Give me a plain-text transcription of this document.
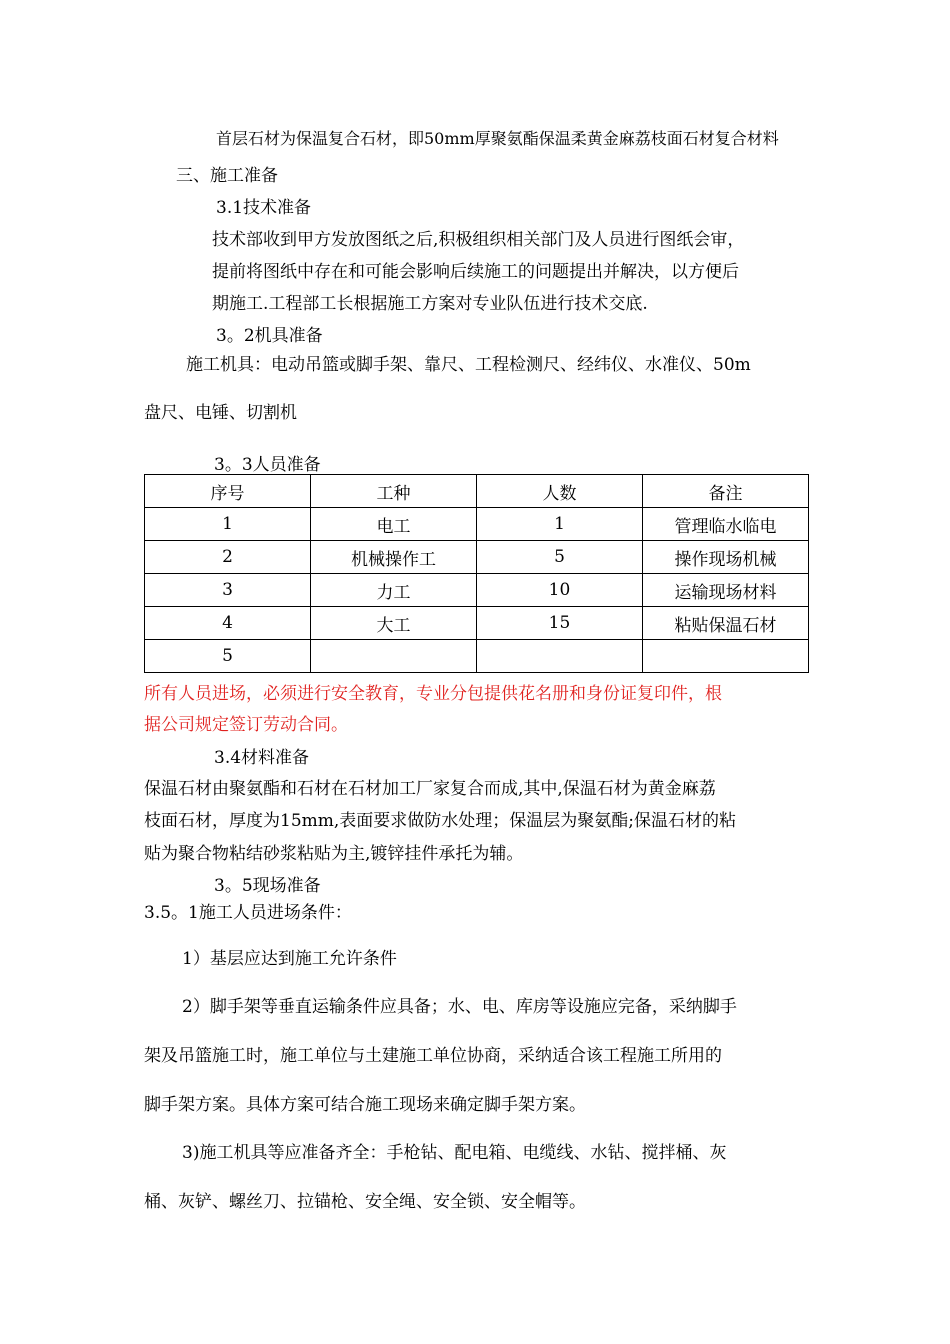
首层石材为保温复合石材，即50mm厚聚氨酯保温柔黄金麻荔枝面石材复合材料
三、施工准备
3.1技术准备
技术部收到甲方发放图纸之后,积极组织相关部门及人员进行图纸会审，
提前将图纸中存在和可能会影响后续施工的问题提出并解决，以方便后
期施工.工程部工长根据施工方案对专业队伍进行技术交底.
3。2机具准备
施工机具：电动吊篮或脚手架、靠尺、工程检测尺、经纬仪、水准仪、50m
盘尺、电锤、切割机
3。3人员准备
序号	工种	人数	备注
1	电工	1	管理临水临电
2	机械操作工	5	操作现场机械
3	力工	10	运输现场材料
4	大工	15	粘贴保温石材
5			
所有人员进场，必须进行安全教育，专业分包提供花名册和身份证复印件，根
据公司规定签订劳动合同。
3.4材料准备
保温石材由聚氨酯和石材在石材加工厂家复合而成,其中,保温石材为黄金麻荔
枝面石材，厚度为15mm,表面要求做防水处理；保温层为聚氨酯;保温石材的粘
贴为聚合物粘结砂浆粘贴为主,镀锌挂件承托为辅。
3。5现场准备
3.5。1施工人员进场条件：
1）基层应达到施工允许条件
2）脚手架等垂直运输条件应具备；水、电、库房等设施应完备，采纳脚手
架及吊篮施工时，施工单位与土建施工单位协商，采纳适合该工程施工所用的
脚手架方案。具体方案可结合施工现场来确定脚手架方案。
3)施工机具等应准备齐全：手枪钻、配电箱、电缆线、水钻、搅拌桶、灰
桶、灰铲、螺丝刀、拉锚枪、安全绳、安全锁、安全帽等。
